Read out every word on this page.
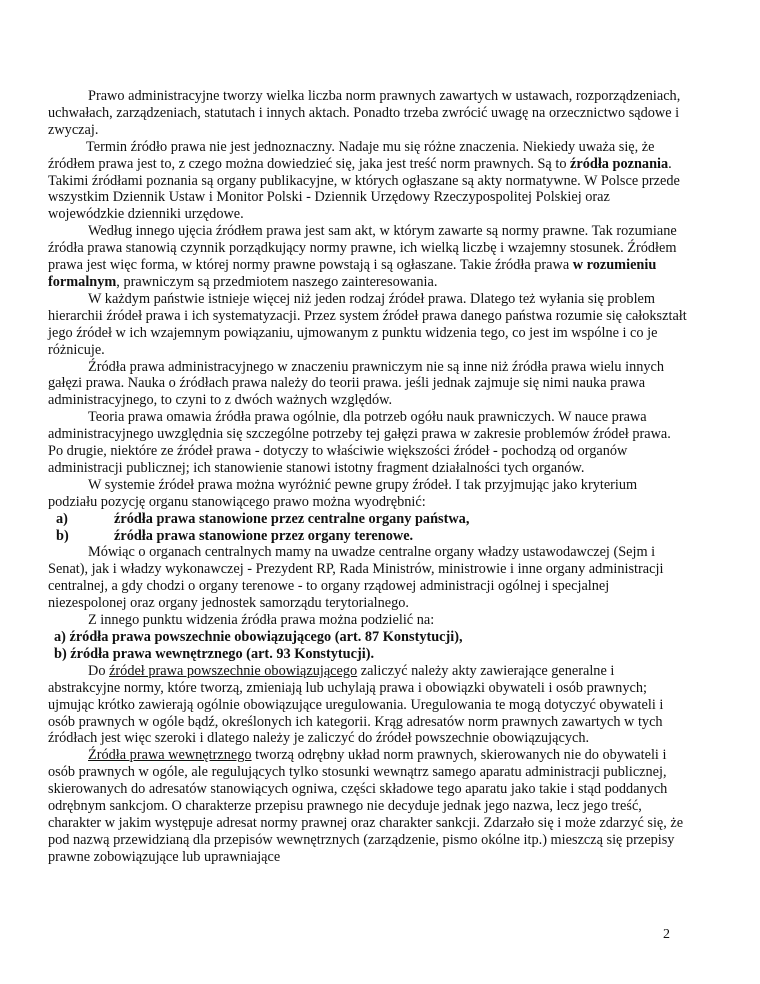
Prawo administracyjne tworzy wielka liczba norm prawnych zawartych w ustawach, rozporządzeniach, uchwałach, zarządzeniach, statutach i innych aktach. Ponadto trzeba zwrócić uwagę na orzecznictwo sądowe i zwyczaj.

Termin źródło prawa nie jest jednoznaczny. Nadaje mu się różne znaczenia. Niekiedy uważa się, że źródłem prawa jest to, z czego można dowiedzieć się, jaka jest treść norm prawnych. Są to źródła poznania. Takimi źródłami poznania są organy publikacyjne, w których ogłaszane są akty normatywne. W Polsce przede wszystkim Dziennik Ustaw i Monitor Polski - Dziennik Urzędowy Rzeczypospolitej Polskiej oraz wojewódzkie dzienniki urzędowe.

Według innego ujęcia źródłem prawa jest sam akt, w którym zawarte są normy prawne. Tak rozumiane źródła prawa stanowią czynnik porządkujący normy prawne, ich wielką liczbę i wzajemny stosunek. Źródłem prawa jest więc forma, w której normy prawne powstają i są ogłaszane. Takie źródła prawa w rozumieniu formalnym, prawniczym są przedmiotem naszego zainteresowania.

W każdym państwie istnieje więcej niż jeden rodzaj źródeł prawa. Dlatego też wyłania się problem hierarchii źródeł prawa i ich systematyzacji. Przez system źródeł prawa danego państwa rozumie się całokształt jego źródeł w ich wzajemnym powiązaniu, ujmowanym z punktu widzenia tego, co jest im wspólne i co je różnicuje.

Źródła prawa administracyjnego w znaczeniu prawniczym nie są inne niż źródła prawa wielu innych gałęzi prawa. Nauka o źródłach prawa należy do teorii prawa. jeśli jednak zajmuje się nimi nauka prawa administracyjnego, to czyni to z dwóch ważnych względów.

Teoria prawa omawia źródła prawa ogólnie, dla potrzeb ogółu nauk prawniczych. W nauce prawa administracyjnego uwzględnia się szczególne potrzeby tej gałęzi prawa w zakresie problemów źródeł prawa. Po drugie, niektóre ze źródeł prawa - dotyczy to właściwie większości źródeł - pochodzą od organów administracji publicznej; ich stanowienie stanowi istotny fragment działalności tych organów.

W systemie źródeł prawa można wyróżnić pewne grupy źródeł. I tak przyjmując jako kryterium podziału pozycję organu stanowiącego prawo można wyodrębnić:

a)	źródła prawa stanowione przez centralne organy państwa,
b)	źródła prawa stanowione przez organy terenowe.

Mówiąc o organach centralnych mamy na uwadze centralne organy władzy ustawodawczej (Sejm i Senat), jak i władzy wykonawczej - Prezydent RP, Rada Ministrów, ministrowie i inne organy administracji centralnej, a gdy chodzi o organy terenowe - to organy rządowej administracji ogólnej i specjalnej niezespolonej oraz organy jednostek samorządu terytorialnego.

Z innego punktu widzenia źródła prawa można podzielić na:

a) źródła prawa powszechnie obowiązującego (art. 87 Konstytucji),

b) źródła prawa wewnętrznego (art. 93 Konstytucji).

Do źródeł prawa powszechnie obowiązującego zaliczyć należy akty zawierające generalne i abstrakcyjne normy, które tworzą, zmieniają lub uchylają prawa i obowiązki obywateli i osób prawnych; ujmując krótko zawierają ogólnie obowiązujące uregulowania. Uregulowania te mogą dotyczyć obywateli i osób prawnych w ogóle bądź, określonych ich kategorii. Krąg adresatów norm prawnych zawartych w tych źródłach jest więc szeroki i dlatego należy je zaliczyć do źródeł powszechnie obowiązujących.

Źródła prawa wewnętrznego tworzą odrębny układ norm prawnych, skierowanych nie do obywateli i osób prawnych w ogóle, ale regulujących tylko stosunki wewnątrz samego aparatu administracji publicznej, skierowanych do adresatów stanowiących ogniwa, części składowe tego aparatu jako takie i stąd poddanych odrębnym sankcjom. O charakterze przepisu prawnego nie decyduje jednak jego nazwa, lecz jego treść, charakter w jakim występuje adresat normy prawnej oraz charakter sankcji. Zdarzało się i może zdarzyć się, że pod nazwą przewidzianą dla przepisów wewnętrznych (zarządzenie, pismo okólne itp.) mieszczą się przepisy prawne zobowiązujące lub uprawniające

2
